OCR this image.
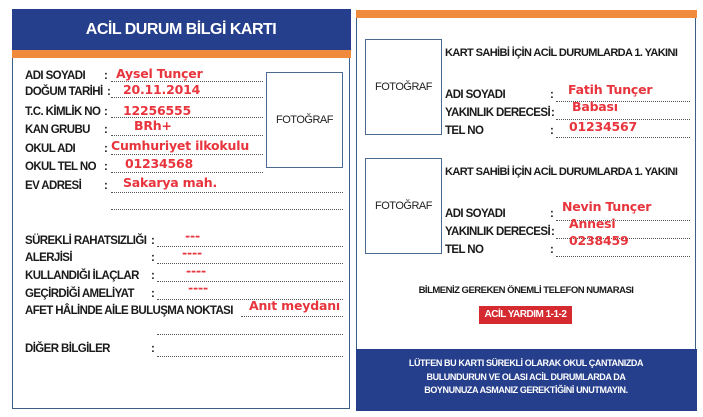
ACİL DURUM BİLGİ KARTI
ADI SOYADI : Aysel Tunçer
DOĞUM TARİHİ : 20.11.2014
T.C. KİMLİK NO : 12256555
KAN GRUBU : BRh+
OKUL ADI	: Cumhuriyet ilkokulu
OKUL TEL NO : 01234568
EV ADRESİ : Sakarya mah.
FOTOĞRAF
SÜREKLİ RAHATSIZLIĞI : ---
ALERJİSİ	: ----
KULLANDIĞI İLAÇLAR : ----
GEÇİRDİĞİ AMELİYAT :	----
AFET HÂLİNDE AİLE BULUŞMA NOKTASI Anıt meydanı
DİĞER BİLGİLER	:
FOTOĞRAF
KART SAHİBİ İÇİN ACİL DURUMLARDA 1. YAKINI
ADI SOYADI	: Fatih Tunçer
YAKINLIK DERECESİ : Babası
TEL NO	: 01234567
FOTOĞRAF
KART SAHİBİ İÇİN ACİL DURUMLARDA 1. YAKINI
ADI SOYADI	: Nevin Tunçer
YAKINLIK DERECESİ :
Annesi
TEL NO	:
0238459
BİLMENİZ GEREKEN ÖNEMLİ TELEFON NUMARASI
ACİL YARDIM 1-1-2
LÜTFEN BU KARTI SÜREKLİ OLARAK OKUL ÇANTANIZDA
BULUNDURUN VE OLASI ACİL DURUMLARDA DA
BOYNUNUZA ASMANIZ GEREKTİĞİNİ UNUTMAYIN.
